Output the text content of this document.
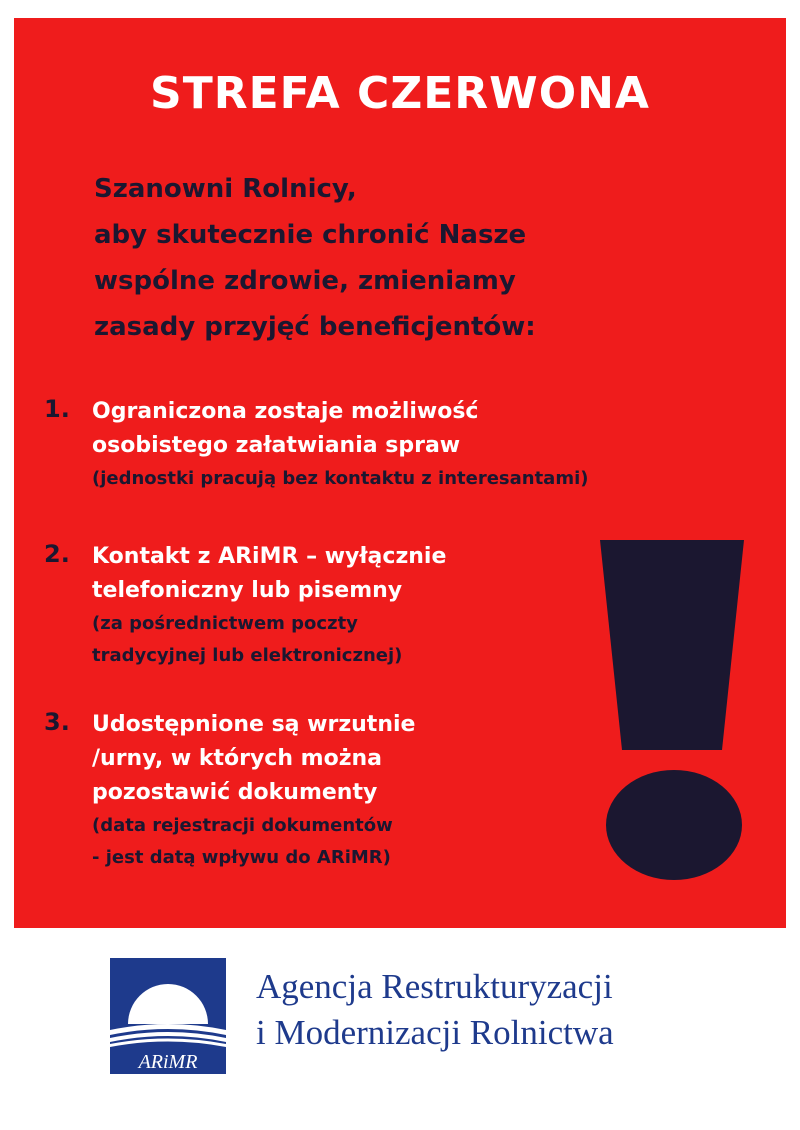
STREFA CZERWONA
Szanowni Rolnicy,
aby skutecznie chronić Nasze
wspólne zdrowie, zmieniamy
zasady przyjęć beneficjentów:
1. Ograniczona zostaje możliwość
osobistego załatwiania spraw
(jednostki pracują bez kontaktu z interesantami)
2. Kontakt z ARiMR – wyłącznie
telefoniczny lub pisemny
(za pośrednictwem poczty
tradycyjnej lub elektronicznej)
3. Udostępnione są wrzutnie
/urny, w których można
pozostawić dokumenty
(data rejestracji dokumentów
- jest datą wpływu do ARiMR)
ARiMR
Agencja Restrukturyzacji
i Modernizacji Rolnictwa
